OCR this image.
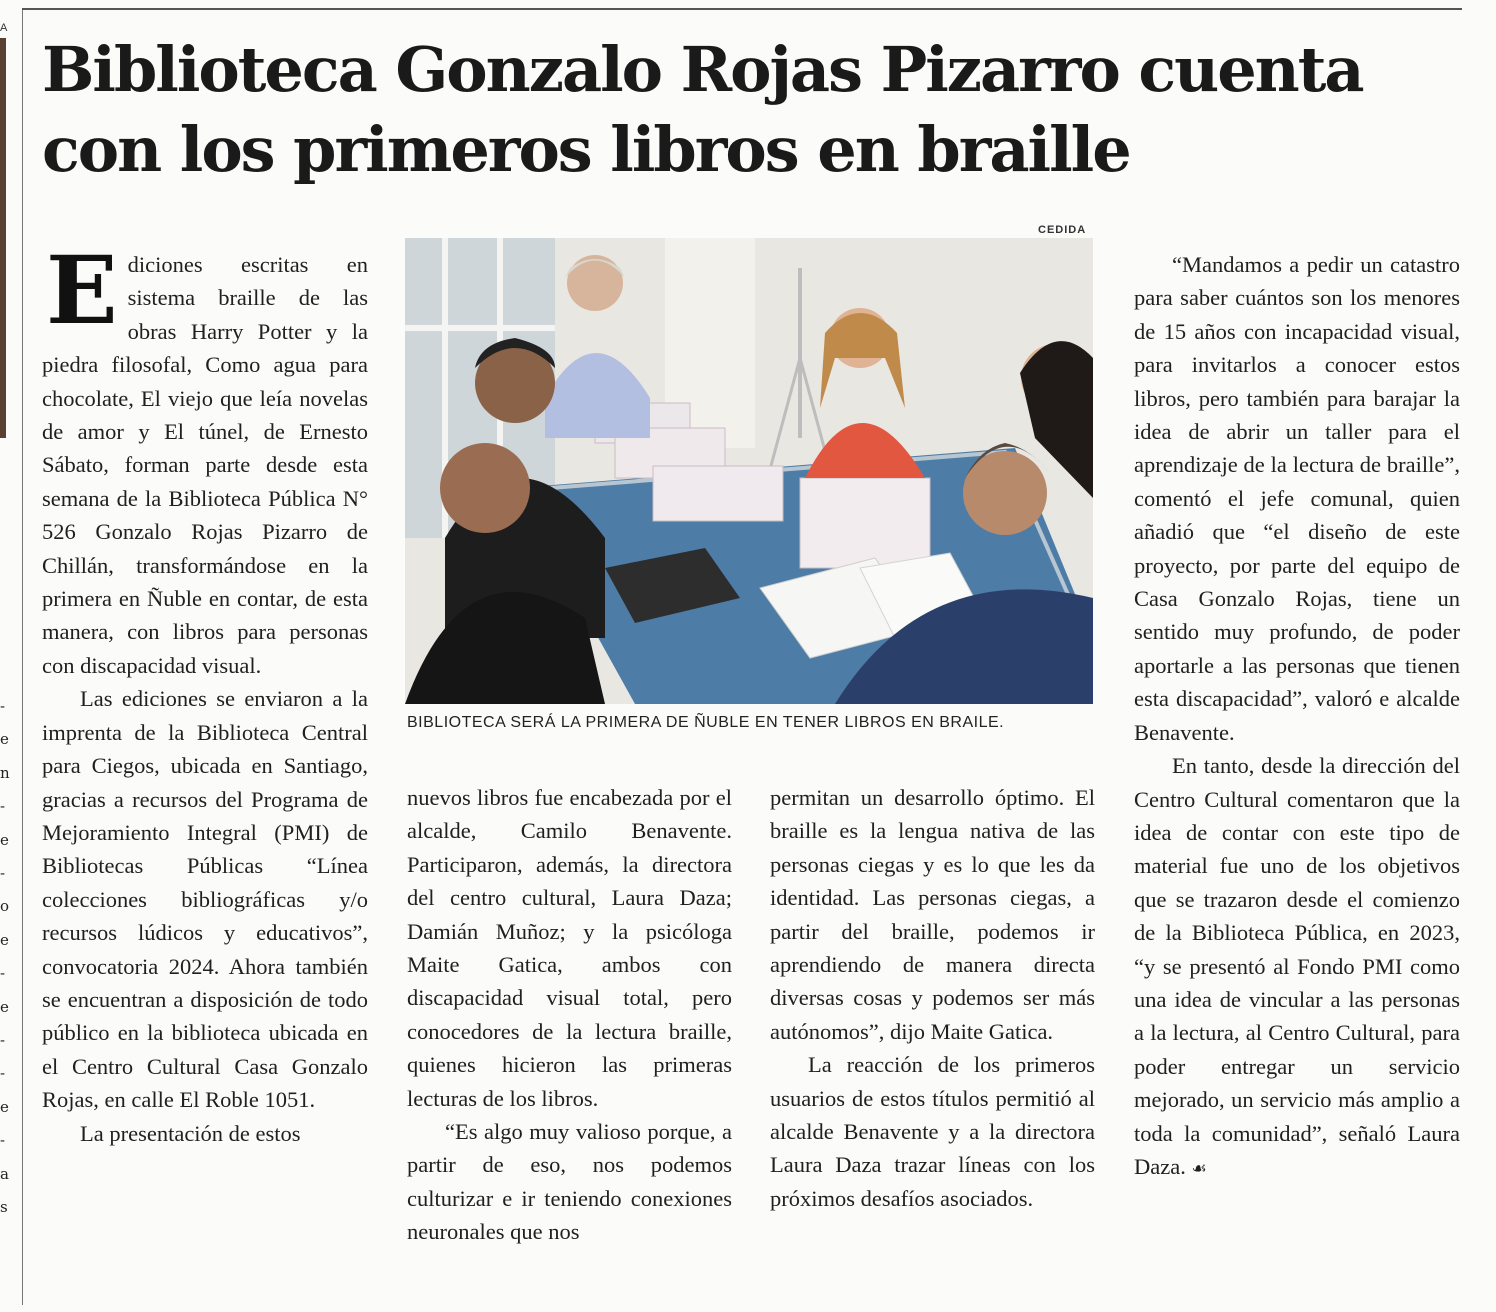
A
-
e
n
-
e
-
o
e
-
e
-
-
e
-
a
s
Biblioteca Gonzalo Rojas Pizarro cuenta con los primeros libros en braille
CEDIDA
BIBLIOTECA SERÁ LA PRIMERA DE ÑUBLE EN TENER LIBROS EN BRAILE.

Ediciones escritas en sistema braille de las obras Harry Potter y la piedra filosofal, Como agua para chocolate, El viejo que leía novelas de amor y El túnel, de Ernesto Sábato, forman parte desde esta semana de la Biblioteca Pública N° 526 Gonzalo Rojas Pizarro de Chillán, transformándose en la primera en Ñuble en contar, de esta manera, con libros para personas con discapacidad visual.

Las ediciones se enviaron a la imprenta de la Biblioteca Central para Ciegos, ubicada en Santiago, gracias a recursos del Programa de Mejoramiento Integral (PMI) de Bibliotecas Públicas “Línea colecciones bibliográficas y/o recursos lúdicos y educativos”, convocatoria 2024. Ahora también se encuentran a disposición de todo público en la biblioteca ubicada en el Centro Cultural Casa Gonzalo Rojas, en calle El Roble 1051.

La presentación de estos

nuevos libros fue encabezada por el alcalde, Camilo Benavente. Participaron, además, la directora del centro cultural, Laura Daza; Damián Muñoz; y la psicóloga Maite Gatica, ambos con discapacidad visual total, pero conocedores de la lectura braille, quienes hicieron las primeras lecturas de los libros.

“Es algo muy valioso porque, a partir de eso, nos podemos culturizar e ir teniendo conexiones neuronales que nos

permitan un desarrollo óptimo. El braille es la lengua nativa de las personas ciegas y es lo que les da identidad. Las personas ciegas, a partir del braille, podemos ir aprendiendo de manera directa diversas cosas y podemos ser más autónomos”, dijo Maite Gatica.

La reacción de los primeros usuarios de estos títulos permitió al alcalde Benavente y a la directora Laura Daza trazar líneas con los próximos desafíos asociados.

“Mandamos a pedir un catastro para saber cuántos son los menores de 15 años con incapacidad visual, para invitarlos a conocer estos libros, pero también para barajar la idea de abrir un taller para el aprendizaje de la lectura de braille”, comentó el jefe comunal, quien añadió que “el diseño de este proyecto, por parte del equipo de Casa Gonzalo Rojas, tiene un sentido muy profundo, de poder aportarle a las personas que tienen esta discapacidad”, valoró e alcalde Benavente.

En tanto, desde la dirección del Centro Cultural comentaron que la idea de contar con este tipo de material fue uno de los objetivos que se trazaron desde el comienzo de la Biblioteca Pública, en 2023, “y se presentó al Fondo PMI como una idea de vincular a las personas a la lectura, al Centro Cultural, para poder entregar un servicio mejorado, un servicio más amplio a toda la comunidad”, señaló Laura Daza. ☙
